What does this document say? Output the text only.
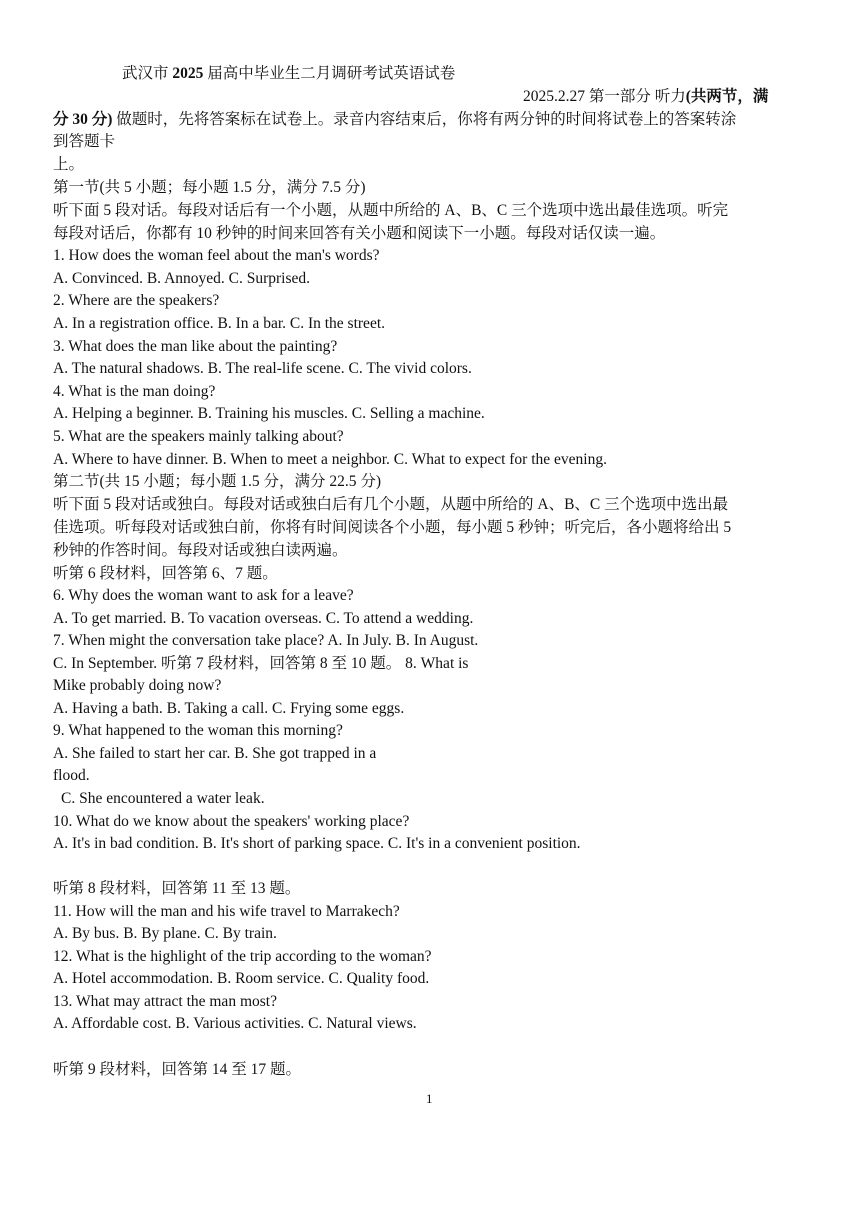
武汉市 2025 届高中毕业生二月调研考试英语试卷
2025.2.27 第一部分 听力(共两节，满
分 30 分) 做题时，先将答案标在试卷上。录音内容结束后，你将有两分钟的时间将试卷上的答案转涂
到答题卡
上。
第一节(共 5 小题；每小题 1.5 分，满分 7.5 分)
听下面 5 段对话。每段对话后有一个小题，从题中所给的 A、B、C 三个选项中选出最佳选项。听完
每段对话后，你都有 10 秒钟的时间来回答有关小题和阅读下一小题。每段对话仅读一遍。
1. How does the woman feel about the man's words?
A. Convinced. B. Annoyed. C. Surprised.
2. Where are the speakers?
A. In a registration office. B. In a bar. C. In the street.
3. What does the man like about the painting?
A. The natural shadows. B. The real-life scene. C. The vivid colors.
4. What is the man doing?
A. Helping a beginner. B. Training his muscles. C. Selling a machine.
5. What are the speakers mainly talking about?
A. Where to have dinner. B. When to meet a neighbor. C. What to expect for the evening.
第二节(共 15 小题；每小题 1.5 分，满分 22.5 分)
听下面 5 段对话或独白。每段对话或独白后有几个小题，从题中所给的 A、B、C 三个选项中选出最
佳选项。听每段对话或独白前，你将有时间阅读各个小题，每小题 5 秒钟；听完后，各小题将给出 5
秒钟的作答时间。每段对话或独白读两遍。
听第 6 段材料，回答第 6、7 题。
6. Why does the woman want to ask for a leave?
A. To get married. B. To vacation overseas. C. To attend a wedding.
7. When might the conversation take place? A. In July. B. In August.
C. In September. 听第 7 段材料，回答第 8 至 10 题。 8. What is
Mike probably doing now?
A. Having a bath. B. Taking a call. C. Frying some eggs.
9. What happened to the woman this morning?
A. She failed to start her car. B. She got trapped in a
flood.
C. She encountered a water leak.
10. What do we know about the speakers' working place?
A. It's in bad condition. B. It's short of parking space. C. It's in a convenient position.
听第 8 段材料，回答第 11 至 13 题。
11. How will the man and his wife travel to Marrakech?
A. By bus. B. By plane. C. By train.
12. What is the highlight of the trip according to the woman?
A. Hotel accommodation. B. Room service. C. Quality food.
13. What may attract the man most?
A. Affordable cost. B. Various activities. C. Natural views.
听第 9 段材料，回答第 14 至 17 题。
1
